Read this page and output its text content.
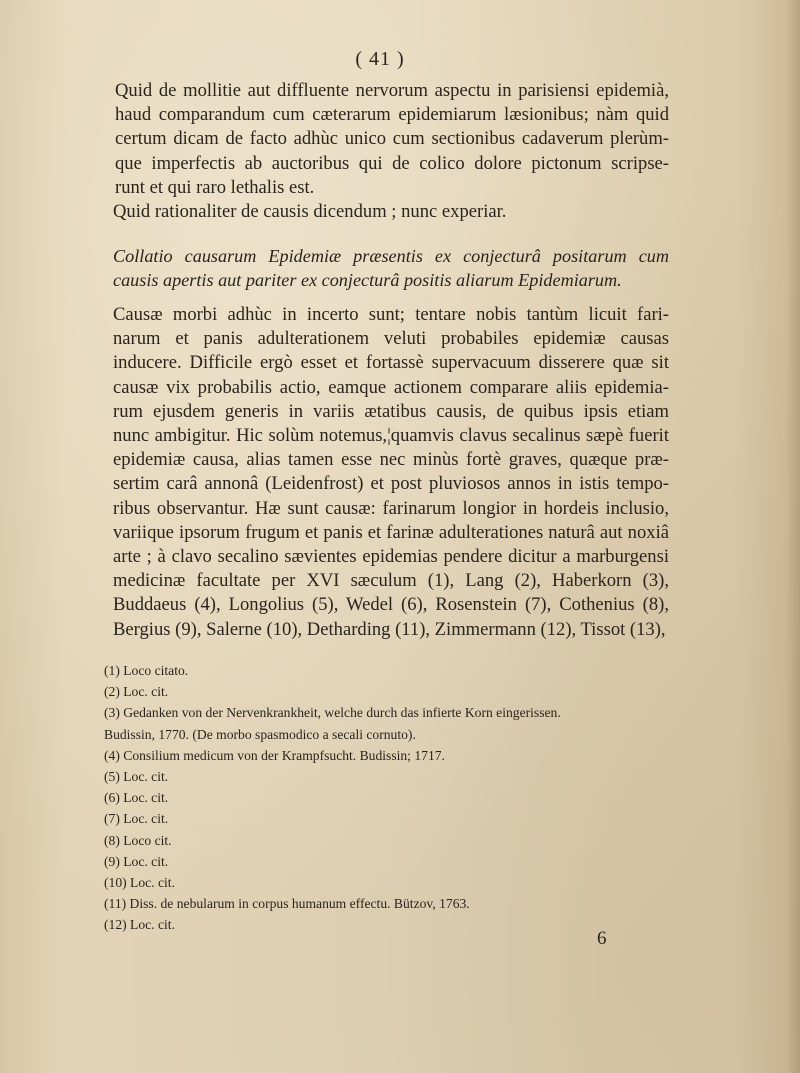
( 41 )
Quid de mollitie aut diffluente nervorum aspectu in parisiensi epidemià,
haud comparandum cum cæterarum epidemiarum læsionibus; nàm quid
certum dicam de facto adhùc unico cum sectionibus cadaverum plerùm-
que imperfectis ab auctoribus qui de colico dolore pictonum scripse-
runt et qui raro lethalis est.
Quid rationaliter de causis dicendum ; nunc experiar.
Collatio causarum Epidemiæ præsentis ex conjecturâ positarum cum
causis apertis aut pariter ex conjecturâ positis aliarum Epidemiarum.
Causæ morbi adhùc in incerto sunt; tentare nobis tantùm licuit fari-
narum et panis adulterationem veluti probabiles epidemiæ causas
inducere. Difficile ergò esset et fortassè supervacuum disserere quæ sit
causæ vix probabilis actio, eamque actionem comparare aliis epidemia-
rum ejusdem generis in variis ætatibus causis, de quibus ipsis etiam
nunc ambigitur. Hic solùm notemus,¦quamvis clavus secalinus sæpè fuerit
epidemiæ causa, alias tamen esse nec minùs fortè graves, quæque præ-
sertim carâ annonâ (Leidenfrost) et post pluviosos annos in istis tempo-
ribus observantur. Hæ sunt causæ: farinarum longior in hordeis inclusio,
variique ipsorum frugum et panis et farinæ adulterationes naturâ aut noxiâ
arte ; à clavo secalino sævientes epidemias pendere dicitur a marburgensi
medicinæ facultate per XVI sæculum (1), Lang (2), Haberkorn (3),
Buddaeus (4), Longolius (5), Wedel (6), Rosenstein (7), Cothenius (8),
Bergius (9), Salerne (10), Detharding (11), Zimmermann (12), Tissot (13),
(1) Loco citato.
(2) Loc. cit.
(3) Gedanken von der Nervenkrankheit, welche durch das infierte Korn eingerissen.
Budissin, 1770. (De morbo spasmodico a secali cornuto).
(4) Consilium medicum von der Krampfsucht. Budissin; 1717.
(5) Loc. cit.
(6) Loc. cit.
(7) Loc. cit.
(8) Loco cit.
(9) Loc. cit.
(10) Loc. cit.
(11) Diss. de nebularum in corpus humanum effectu. Bützov, 1763.
(12) Loc. cit.
6
